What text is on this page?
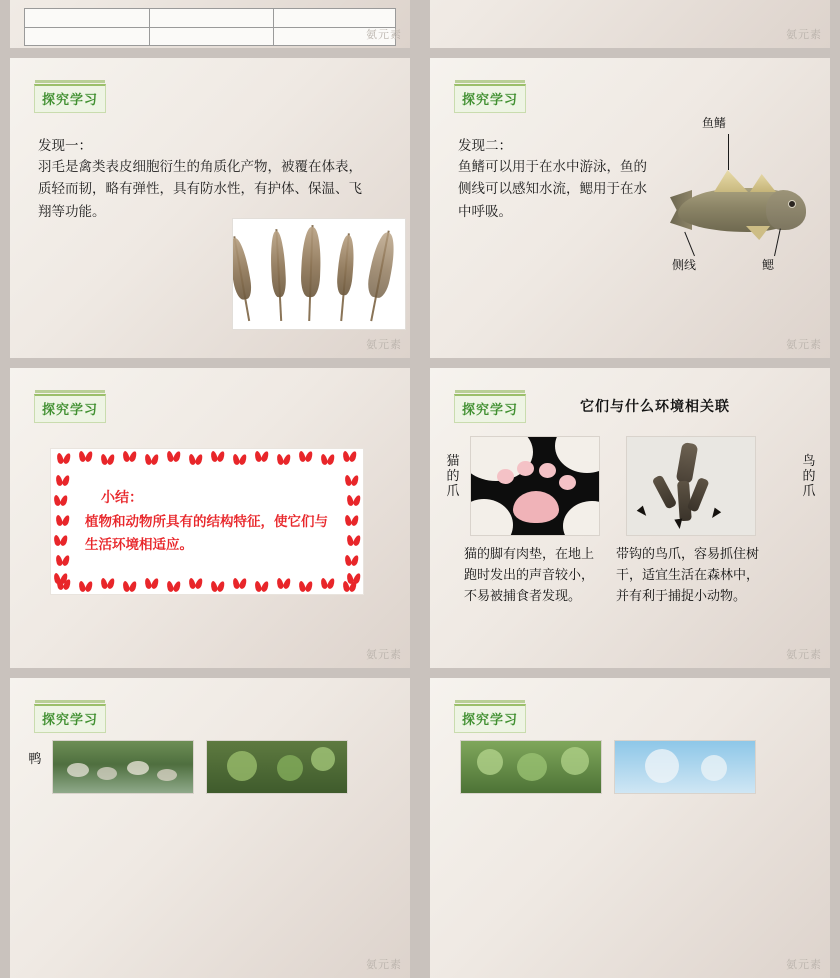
氨元素	氨元素
探究学习
发现一：
羽毛是禽类表皮细胞衍生的角质化产物，被覆在体表，质轻而韧，略有弹性，具有防水性，有护体、保温、飞翔等功能。
氨元素
探究学习
发现二：
鱼鳍可以用于在水中游泳，鱼的侧线可以感知水流，鳃用于在水中呼吸。
鱼鳍
侧线	鳃
氨元素
探究学习
小结：
植物和动物所具有的结构特征，使它们与生活环境相适应。
氨元素
探究学习	它们与什么环境相关联
猫的爪
鸟的爪
猫的脚有肉垫，在地上跑时发出的声音较小，不易被捕食者发现。
带钩的鸟爪，容易抓住树干，适宜生活在森林中，并有利于捕捉小动物。
氨元素
探究学习
鸭
氨元素
探究学习
氨元素
